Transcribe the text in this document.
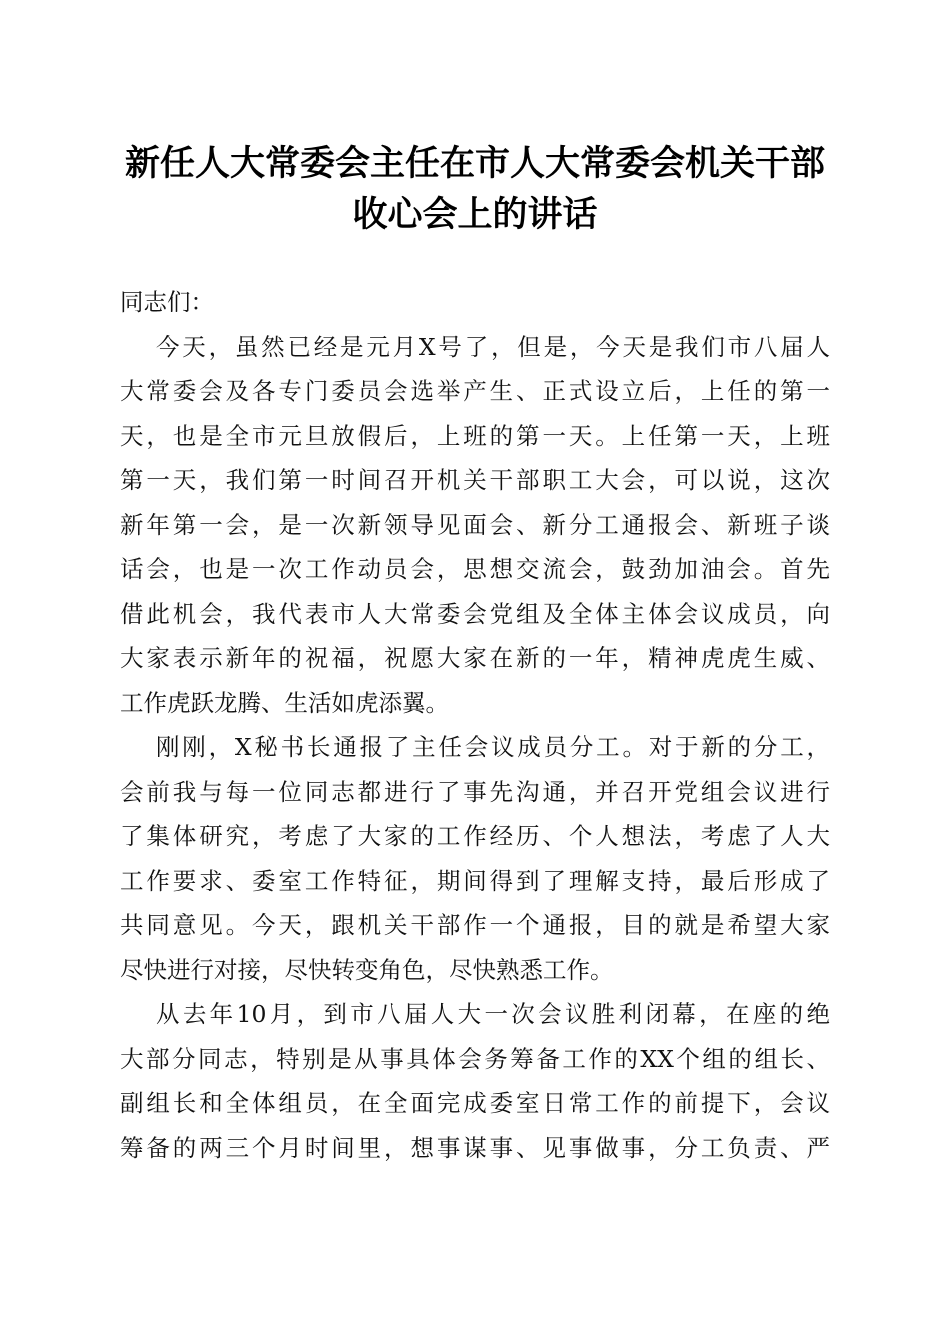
新任人大常委会主任在市人大常委会机关干部
收心会上的讲话
同志们：
今天，虽然已经是元月X号了，但是，今天是我们市八届人
大常委会及各专门委员会选举产生、正式设立后，上任的第一
天，也是全市元旦放假后，上班的第一天。上任第一天，上班
第一天，我们第一时间召开机关干部职工大会，可以说，这次
新年第一会，是一次新领导见面会、新分工通报会、新班子谈
话会，也是一次工作动员会，思想交流会，鼓劲加油会。首先
借此机会，我代表市人大常委会党组及全体主体会议成员，向
大家表示新年的祝福，祝愿大家在新的一年，精神虎虎生威、
工作虎跃龙腾、生活如虎添翼。
刚刚，X秘书长通报了主任会议成员分工。对于新的分工，
会前我与每一位同志都进行了事先沟通，并召开党组会议进行
了集体研究，考虑了大家的工作经历、个人想法，考虑了人大
工作要求、委室工作特征，期间得到了理解支持，最后形成了
共同意见。今天，跟机关干部作一个通报，目的就是希望大家
尽快进行对接，尽快转变角色，尽快熟悉工作。
从去年10月，到市八届人大一次会议胜利闭幕，在座的绝
大部分同志，特别是从事具体会务筹备工作的XX个组的组长、
副组长和全体组员，在全面完成委室日常工作的前提下，会议
筹备的两三个月时间里，想事谋事、见事做事，分工负责、严
